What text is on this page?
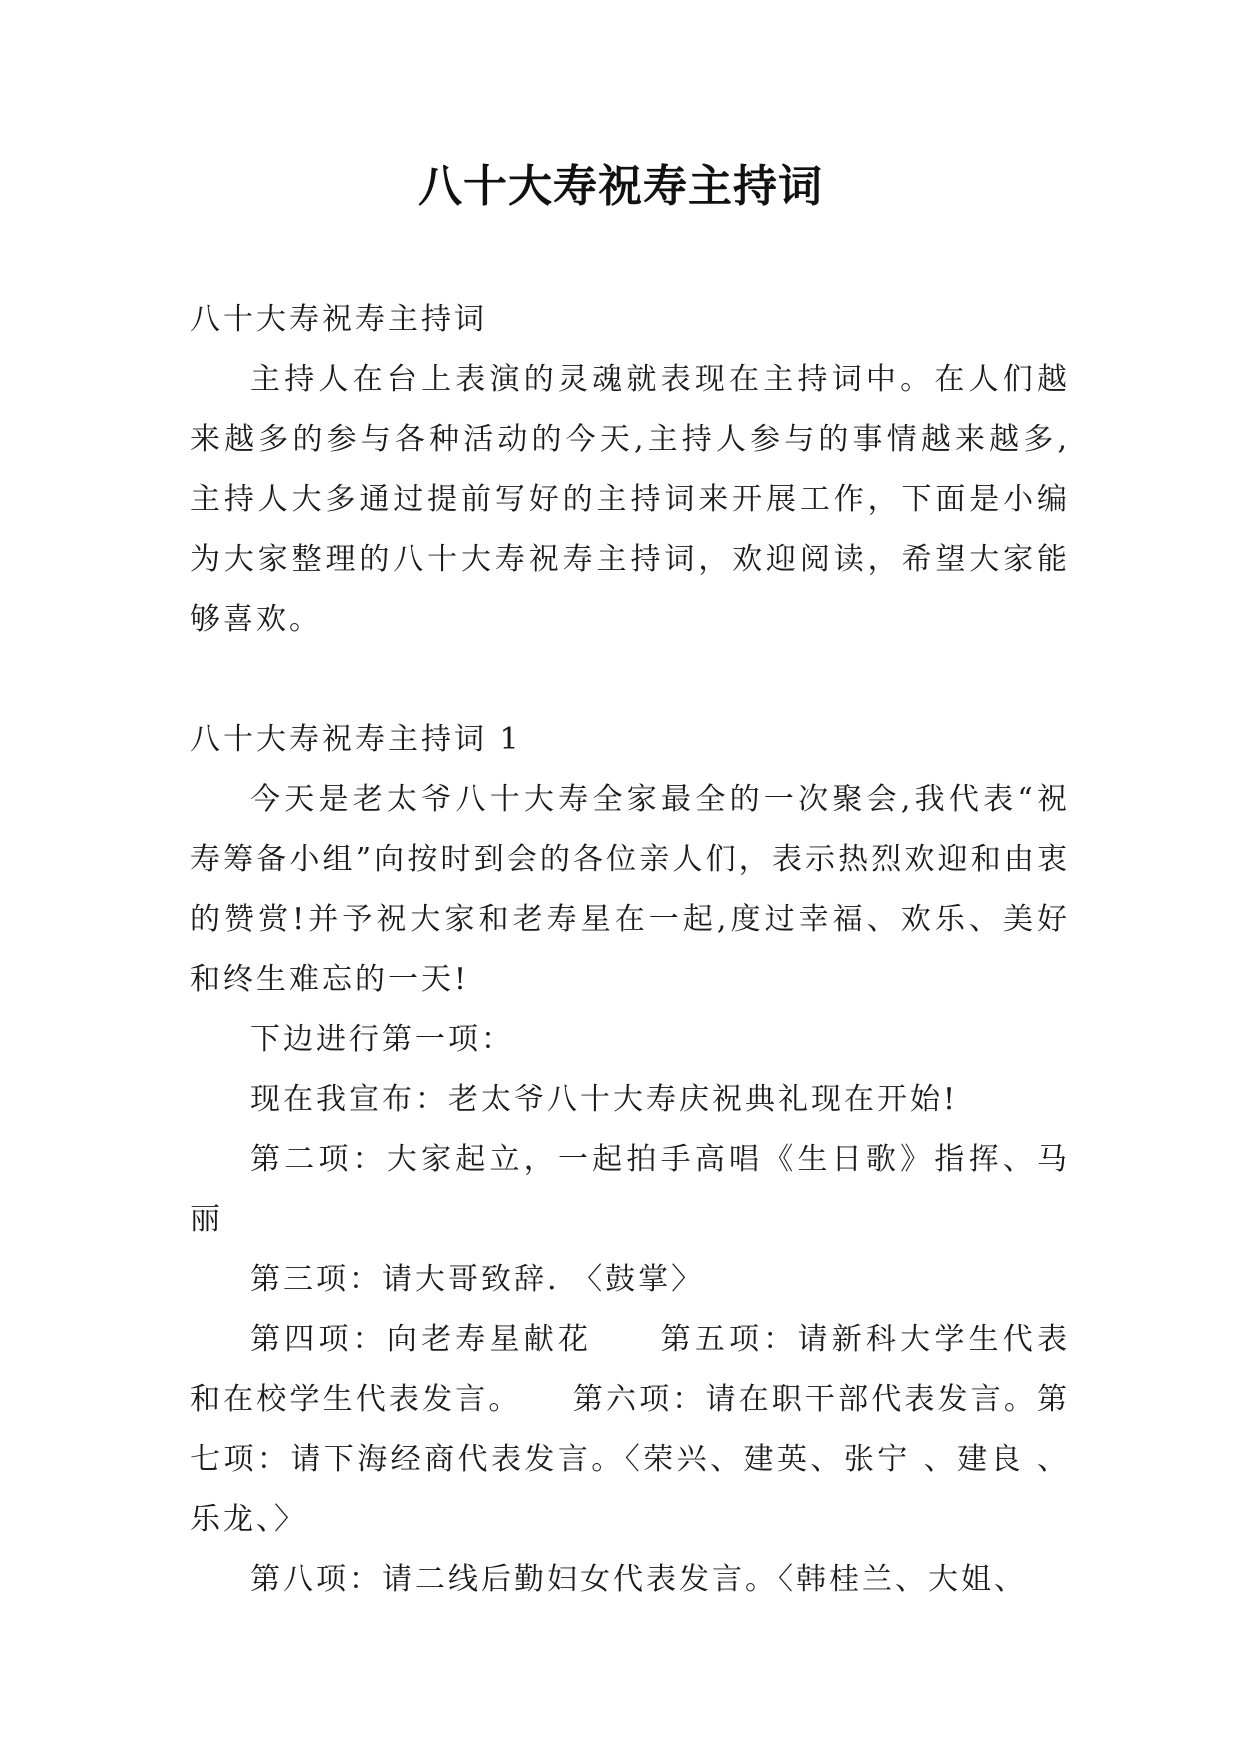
八十大寿祝寿主持词

八十大寿祝寿主持词

主持人在台上表演的灵魂就表现在主持词中。在人们越来越多的参与各种活动的今天,主持人参与的事情越来越多,主持人大多通过提前写好的主持词来开展工作，下面是小编为大家整理的八十大寿祝寿主持词，欢迎阅读，希望大家能够喜欢。

八十大寿祝寿主持词 1

今天是老太爷八十大寿全家最全的一次聚会,我代表“祝寿筹备小组”向按时到会的各位亲人们，表示热烈欢迎和由衷的赞赏!并予祝大家和老寿星在一起,度过幸福、欢乐、美好和终生难忘的一天!

下边进行第一项：

现在我宣布：老太爷八十大寿庆祝典礼现在开始!

第二项：大家起立，一起拍手高唱《生日歌》指挥、马丽

第三项：请大哥致辞. 〈鼓掌〉

第四项：向老寿星献花　　第五项：请新科大学生代表和在校学生代表发言。　　第六项：请在职干部代表发言。第七项：请下海经商代表发言。〈荣兴、建英、张宁 、建良 、乐龙、〉

第八项：请二线后勤妇女代表发言。〈韩桂兰、大姐、
